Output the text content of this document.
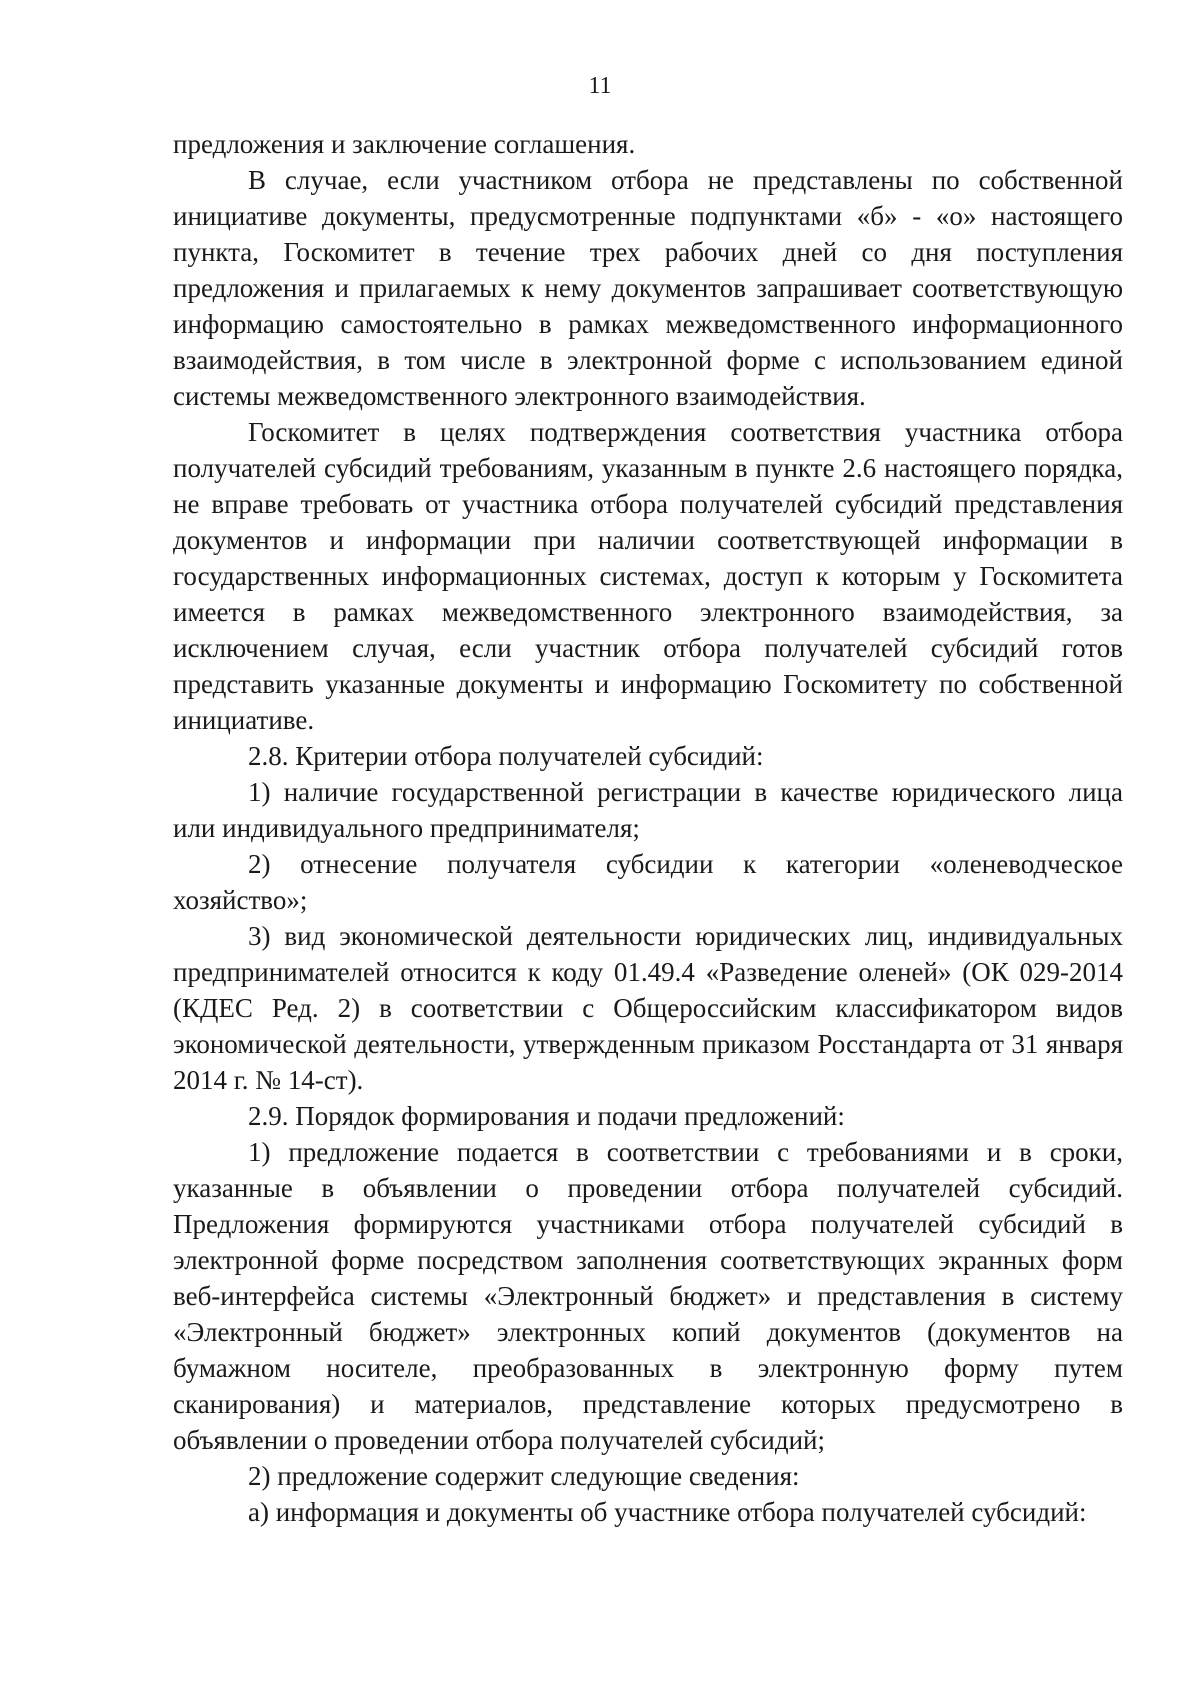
11

предложения и заключение соглашения.

В случае, если участником отбора не представлены по собственной инициативе документы, предусмотренные подпунктами «б» - «о» настоящего пункта, Госкомитет в течение трех рабочих дней со дня поступления предложения и прилагаемых к нему документов запрашивает соответствующую информацию самостоятельно в рамках межведомственного информационного взаимодействия, в том числе в электронной форме с использованием единой системы межведомственного электронного взаимодействия.

Госкомитет в целях подтверждения соответствия участника отбора получателей субсидий требованиям, указанным в пункте 2.6 настоящего порядка, не вправе требовать от участника отбора получателей субсидий представления документов и информации при наличии соответствующей информации в государственных информационных системах, доступ к которым у Госкомитета имеется в рамках межведомственного электронного взаимодействия, за исключением случая, если участник отбора получателей субсидий готов представить указанные документы и информацию Госкомитету по собственной инициативе.

2.8. Критерии отбора получателей субсидий:

1) наличие государственной регистрации в качестве юридического лица или индивидуального предпринимателя;

2) отнесение получателя субсидии к категории «оленеводческое хозяйство»;

3) вид экономической деятельности юридических лиц, индивидуальных предпринимателей относится к коду 01.49.4 «Разведение оленей» (ОК 029-2014 (КДЕС Ред. 2) в соответствии с Общероссийским классификатором видов экономической деятельности, утвержденным приказом Росстандарта от 31 января 2014 г. № 14-ст).

2.9. Порядок формирования и подачи предложений:

1) предложение подается в соответствии с требованиями и в сроки, указанные в объявлении о проведении отбора получателей субсидий. Предложения формируются участниками отбора получателей субсидий в электронной форме посредством заполнения соответствующих экранных форм веб-интерфейса системы «Электронный бюджет» и представления в систему «Электронный бюджет» электронных копий документов (документов на бумажном носителе, преобразованных в электронную форму путем сканирования) и материалов, представление которых предусмотрено в объявлении о проведении отбора получателей субсидий;

2) предложение содержит следующие сведения:

а) информация и документы об участнике отбора получателей субсидий:
